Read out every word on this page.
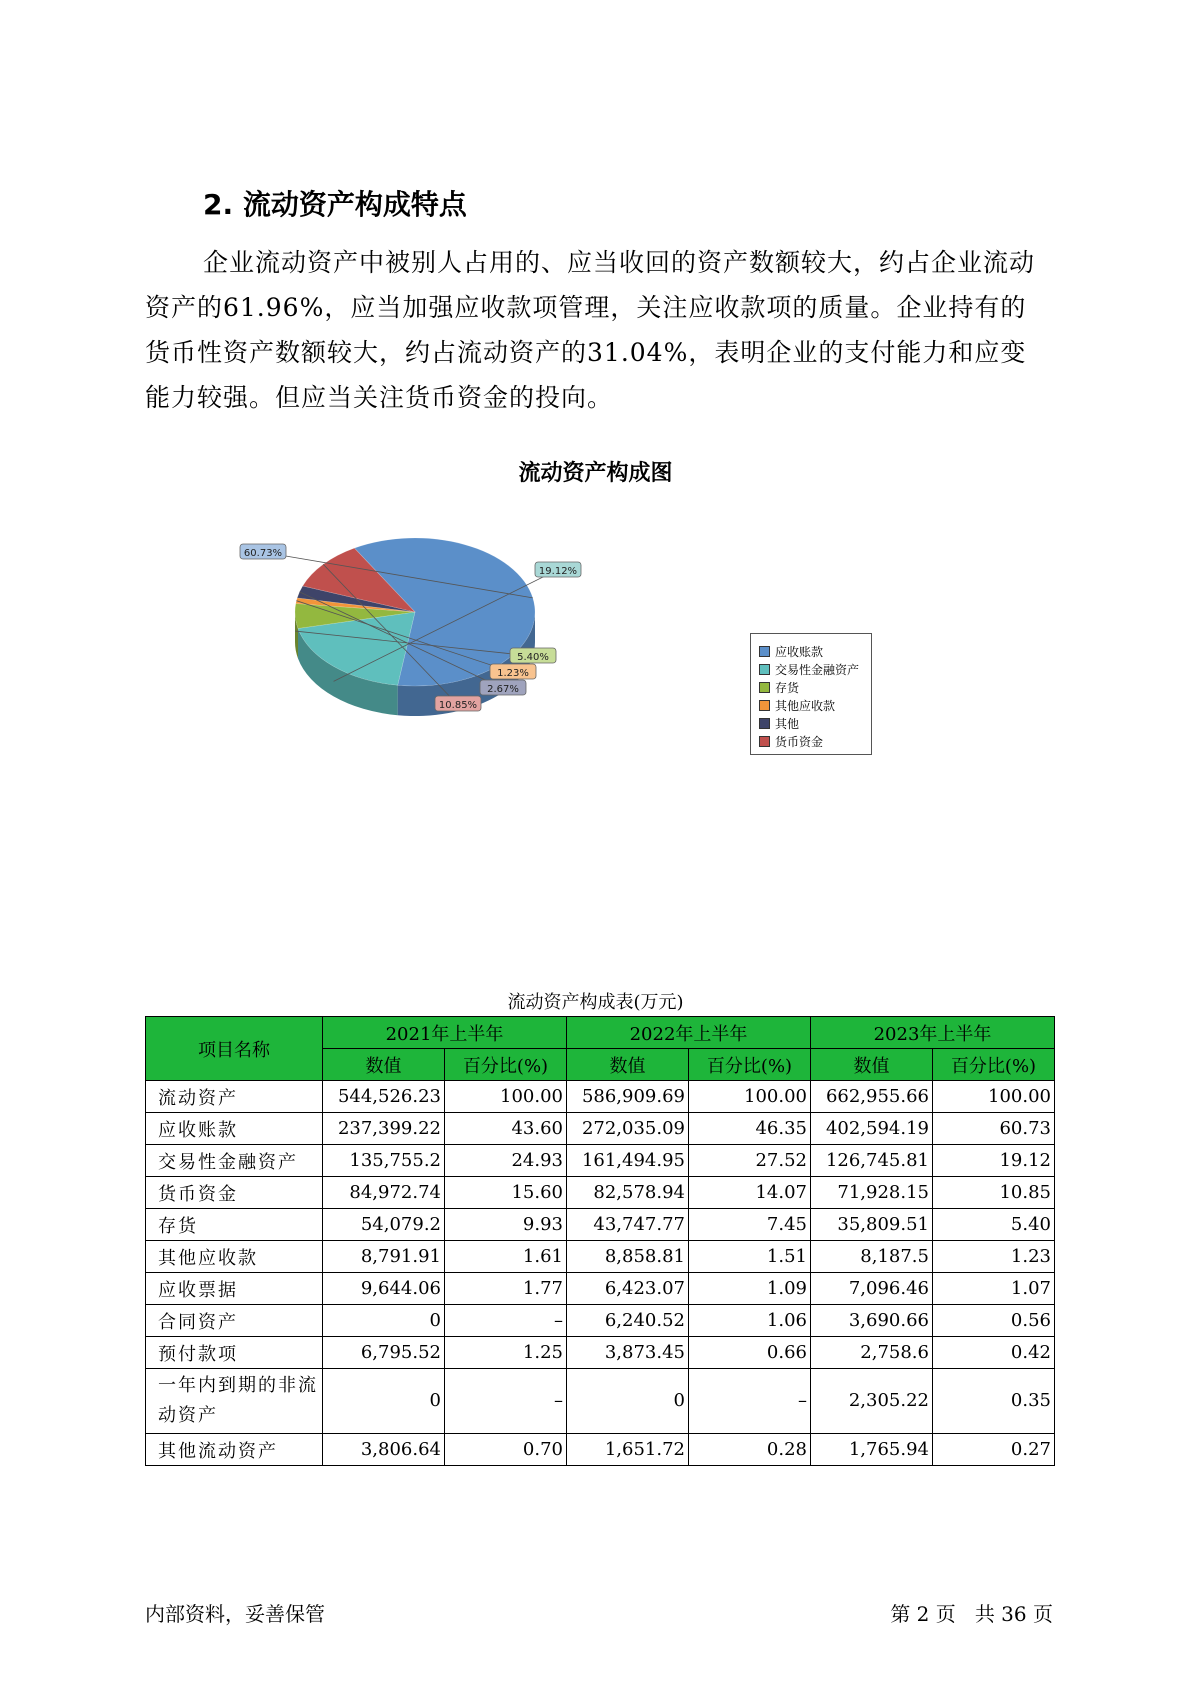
2. 流动资产构成特点

企业流动资产中被别人占用的、应当收回的资产数额较大，约占企业流动资产的61.96%，应当加强应收款项管理，关注应收款项的质量。企业持有的货币性资产数额较大，约占流动资产的31.04%，表明企业的支付能力和应变能力较强。但应当关注货币资金的投向。

流动资产构成图
60.73%
19.12%
5.40%
1.23%
2.67%
10.85%
应收账款
交易性金融资产
存货
其他应收款
其他
货币资金
流动资产构成表(万元)
项目名称	2021年上半年		2022年上半年		2023年上半年	
	数值	百分比(%)	数值	百分比(%)	数值	百分比(%)
流动资产	544,526.23	100.00	586,909.69	100.00	662,955.66	100.00
应收账款	237,399.22	43.60	272,035.09	46.35	402,594.19	60.73
交易性金融资产	135,755.2	24.93	161,494.95	27.52	126,745.81	19.12
货币资金	84,972.74	15.60	82,578.94	14.07	71,928.15	10.85
存货	54,079.2	9.93	43,747.77	7.45	35,809.51	5.40
其他应收款	8,791.91	1.61	8,858.81	1.51	8,187.5	1.23
应收票据	9,644.06	1.77	6,423.07	1.09	7,096.46	1.07
合同资产	0	–	6,240.52	1.06	3,690.66	0.56
预付款项	6,795.52	1.25	3,873.45	0.66	2,758.6	0.42
一年内到期的非流动资产	0	–	0	–	2,305.22	0.35
其他流动资产	3,806.64	0.70	1,651.72	0.28	1,765.94	0.27
内部资料，妥善保管	第 2 页   共 36 页
